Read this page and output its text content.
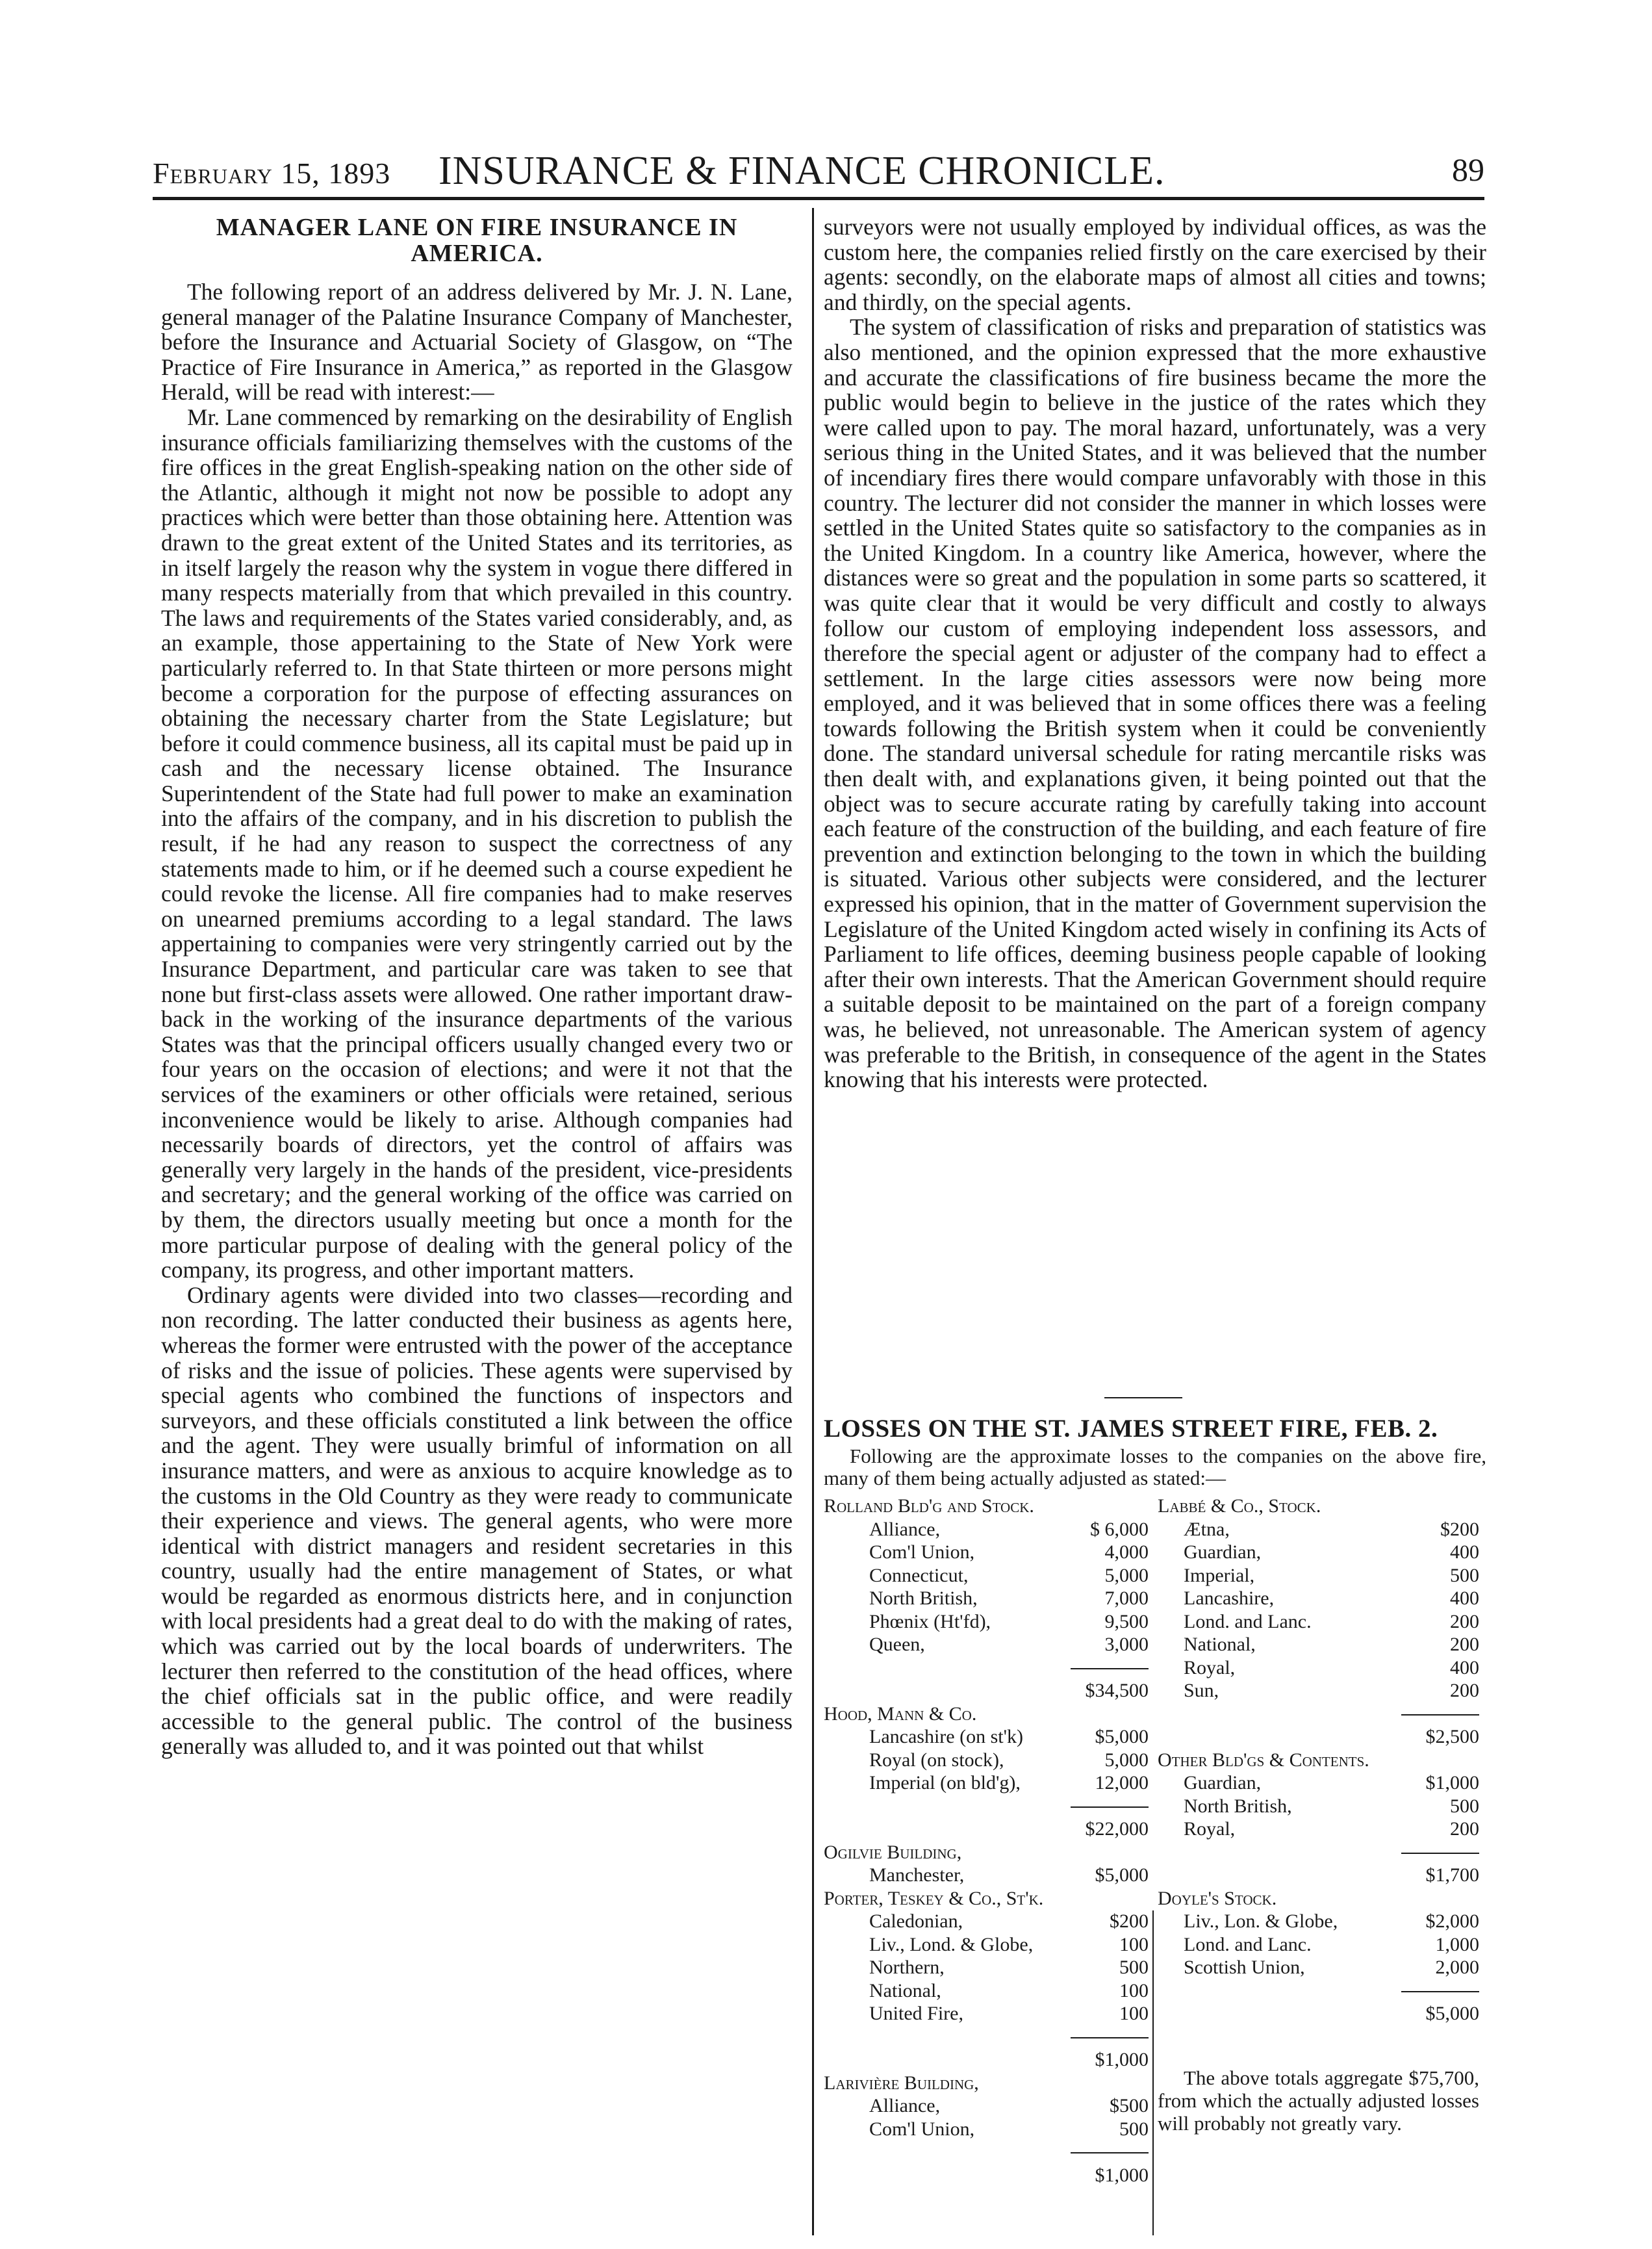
February 15, 1893 INSURANCE & FINANCE CHRONICLE.	89
MANAGER LANE ON FIRE INSURANCE IN AMERICA.

The following report of an address delivered by Mr. J. N. Lane, general manager of the Palatine Insurance Company of Manchester, before the Insurance and Actuarial Society of Glasgow, on “The Practice of Fire Insurance in America,” as reported in the Glasgow Herald, will be read with interest:—

Mr. Lane commenced by remarking on the desirability of English insurance officials familiarizing themselves with the customs of the fire offices in the great English-speaking nation on the other side of the Atlantic, although it might not now be possible to adopt any practices which were better than those obtaining here. Attention was drawn to the great extent of the United States and its territories, as in itself largely the reason why the system in vogue there differed in many respects materially from that which prevailed in this country. The laws and requirements of the States varied considerably, and, as an example, those appertaining to the State of New York were particularly referred to. In that State thirteen or more persons might become a corporation for the purpose of effecting assurances on obtaining the necessary charter from the State Legislature; but before it could commence business, all its capital must be paid up in cash and the necessary license obtained. The Insurance Superintendent of the State had full power to make an examination into the affairs of the company, and in his discretion to publish the result, if he had any reason to suspect the correctness of any statements made to him, or if he deemed such a course expedient he could revoke the license. All fire companies had to make reserves on unearned premiums according to a legal standard. The laws appertaining to companies were very stringently carried out by the Insurance Department, and particular care was taken to see that none but first-class assets were allowed. One rather important draw-back in the working of the insurance departments of the various States was that the principal officers usually changed every two or four years on the occasion of elections; and were it not that the services of the examiners or other officials were retained, serious inconvenience would be likely to arise. Although companies had necessarily boards of directors, yet the control of affairs was generally very largely in the hands of the president, vice-presidents and secretary; and the general working of the office was carried on by them, the directors usually meeting but once a month for the more particular purpose of dealing with the general policy of the company, its progress, and other important matters.

Ordinary agents were divided into two classes—recording and non recording. The latter conducted their business as agents here, whereas the former were entrusted with the power of the acceptance of risks and the issue of policies. These agents were supervised by special agents who combined the functions of inspectors and surveyors, and these officials constituted a link between the office and the agent. They were usually brimful of information on all insurance matters, and were as anxious to acquire knowledge as to the customs in the Old Country as they were ready to communicate their experience and views. The general agents, who were more identical with district managers and resident secretaries in this country, usually had the entire management of States, or what would be regarded as enormous districts here, and in conjunction with local presidents had a great deal to do with the making of rates, which was carried out by the local boards of underwriters. The lecturer then referred to the constitution of the head offices, where the chief officials sat in the public office, and were readily accessible to the general public. The control of the business generally was alluded to, and it was pointed out that whilst

surveyors were not usually employed by individual offices, as was the custom here, the companies relied firstly on the care exercised by their agents: secondly, on the elaborate maps of almost all cities and towns; and thirdly, on the special agents.

The system of classification of risks and preparation of statistics was also mentioned, and the opinion expressed that the more exhaustive and accurate the classifications of fire business became the more the public would begin to believe in the justice of the rates which they were called upon to pay. The moral hazard, unfortunately, was a very serious thing in the United States, and it was believed that the number of incendiary fires there would compare unfavorably with those in this country. The lecturer did not consider the manner in which losses were settled in the United States quite so satisfactory to the companies as in the United Kingdom. In a country like America, however, where the distances were so great and the population in some parts so scattered, it was quite clear that it would be very difficult and costly to always follow our custom of employing independent loss assessors, and therefore the special agent or adjuster of the company had to effect a settlement. In the large cities assessors were now being more employed, and it was believed that in some offices there was a feeling towards following the British system when it could be conveniently done. The standard universal schedule for rating mercantile risks was then dealt with, and explanations given, it being pointed out that the object was to secure accurate rating by carefully taking into account each feature of the construction of the building, and each feature of fire prevention and extinction belonging to the town in which the building is situated. Various other subjects were considered, and the lecturer expressed his opinion, that in the matter of Government supervision the Legislature of the United Kingdom acted wisely in confining its Acts of Parliament to life offices, deeming business people capable of looking after their own interests. That the American Government should require a suitable deposit to be maintained on the part of a foreign company was, he believed, not unreasonable. The American system of agency was preferable to the British, in consequence of the agent in the States knowing that his interests were protected.

LOSSES ON THE ST. JAMES STREET FIRE, FEB. 2.
Following are the approximate losses to the companies on the above fire, many of them being actually adjusted as stated:—
Rolland Bld'g and Stock.
Alliance,	$ 6,000
Com'l Union,	4,000
Connecticut,	5,000
North British,	7,000
Phœnix (Ht'fd),	9,500
Queen,	3,000
$34,500
Hood, Mann & Co.
Lancashire (on st'k)	$5,000
Royal (on stock),	5,000
Imperial (on bld'g),	12,000
$22,000
Ogilvie Building,
Manchester,	$5,000
Porter, Teskey & Co., St'k.
Caledonian,	$200
Liv., Lond. & Globe,	100
Northern,	500
National,	100
United Fire,	100
$1,000
Larivière Building,
Alliance,	$500
Com'l Union,	500
$1,000
Labbé & Co., Stock.
Ætna,	$200
Guardian,	400
Imperial,	500
Lancashire,	400
Lond. and Lanc.	200
National,	200
Royal,	400
Sun,	200
$2,500
Other Bld'gs & Contents.
Guardian,	$1,000
North British,	500
Royal,	200
$1,700
Doyle's Stock.
Liv., Lon. & Globe,	$2,000
Lond. and Lanc.	1,000
Scottish Union,	2,000
$5,000
The above totals aggregate $75,700, from which the actually adjusted losses will probably not greatly vary.
